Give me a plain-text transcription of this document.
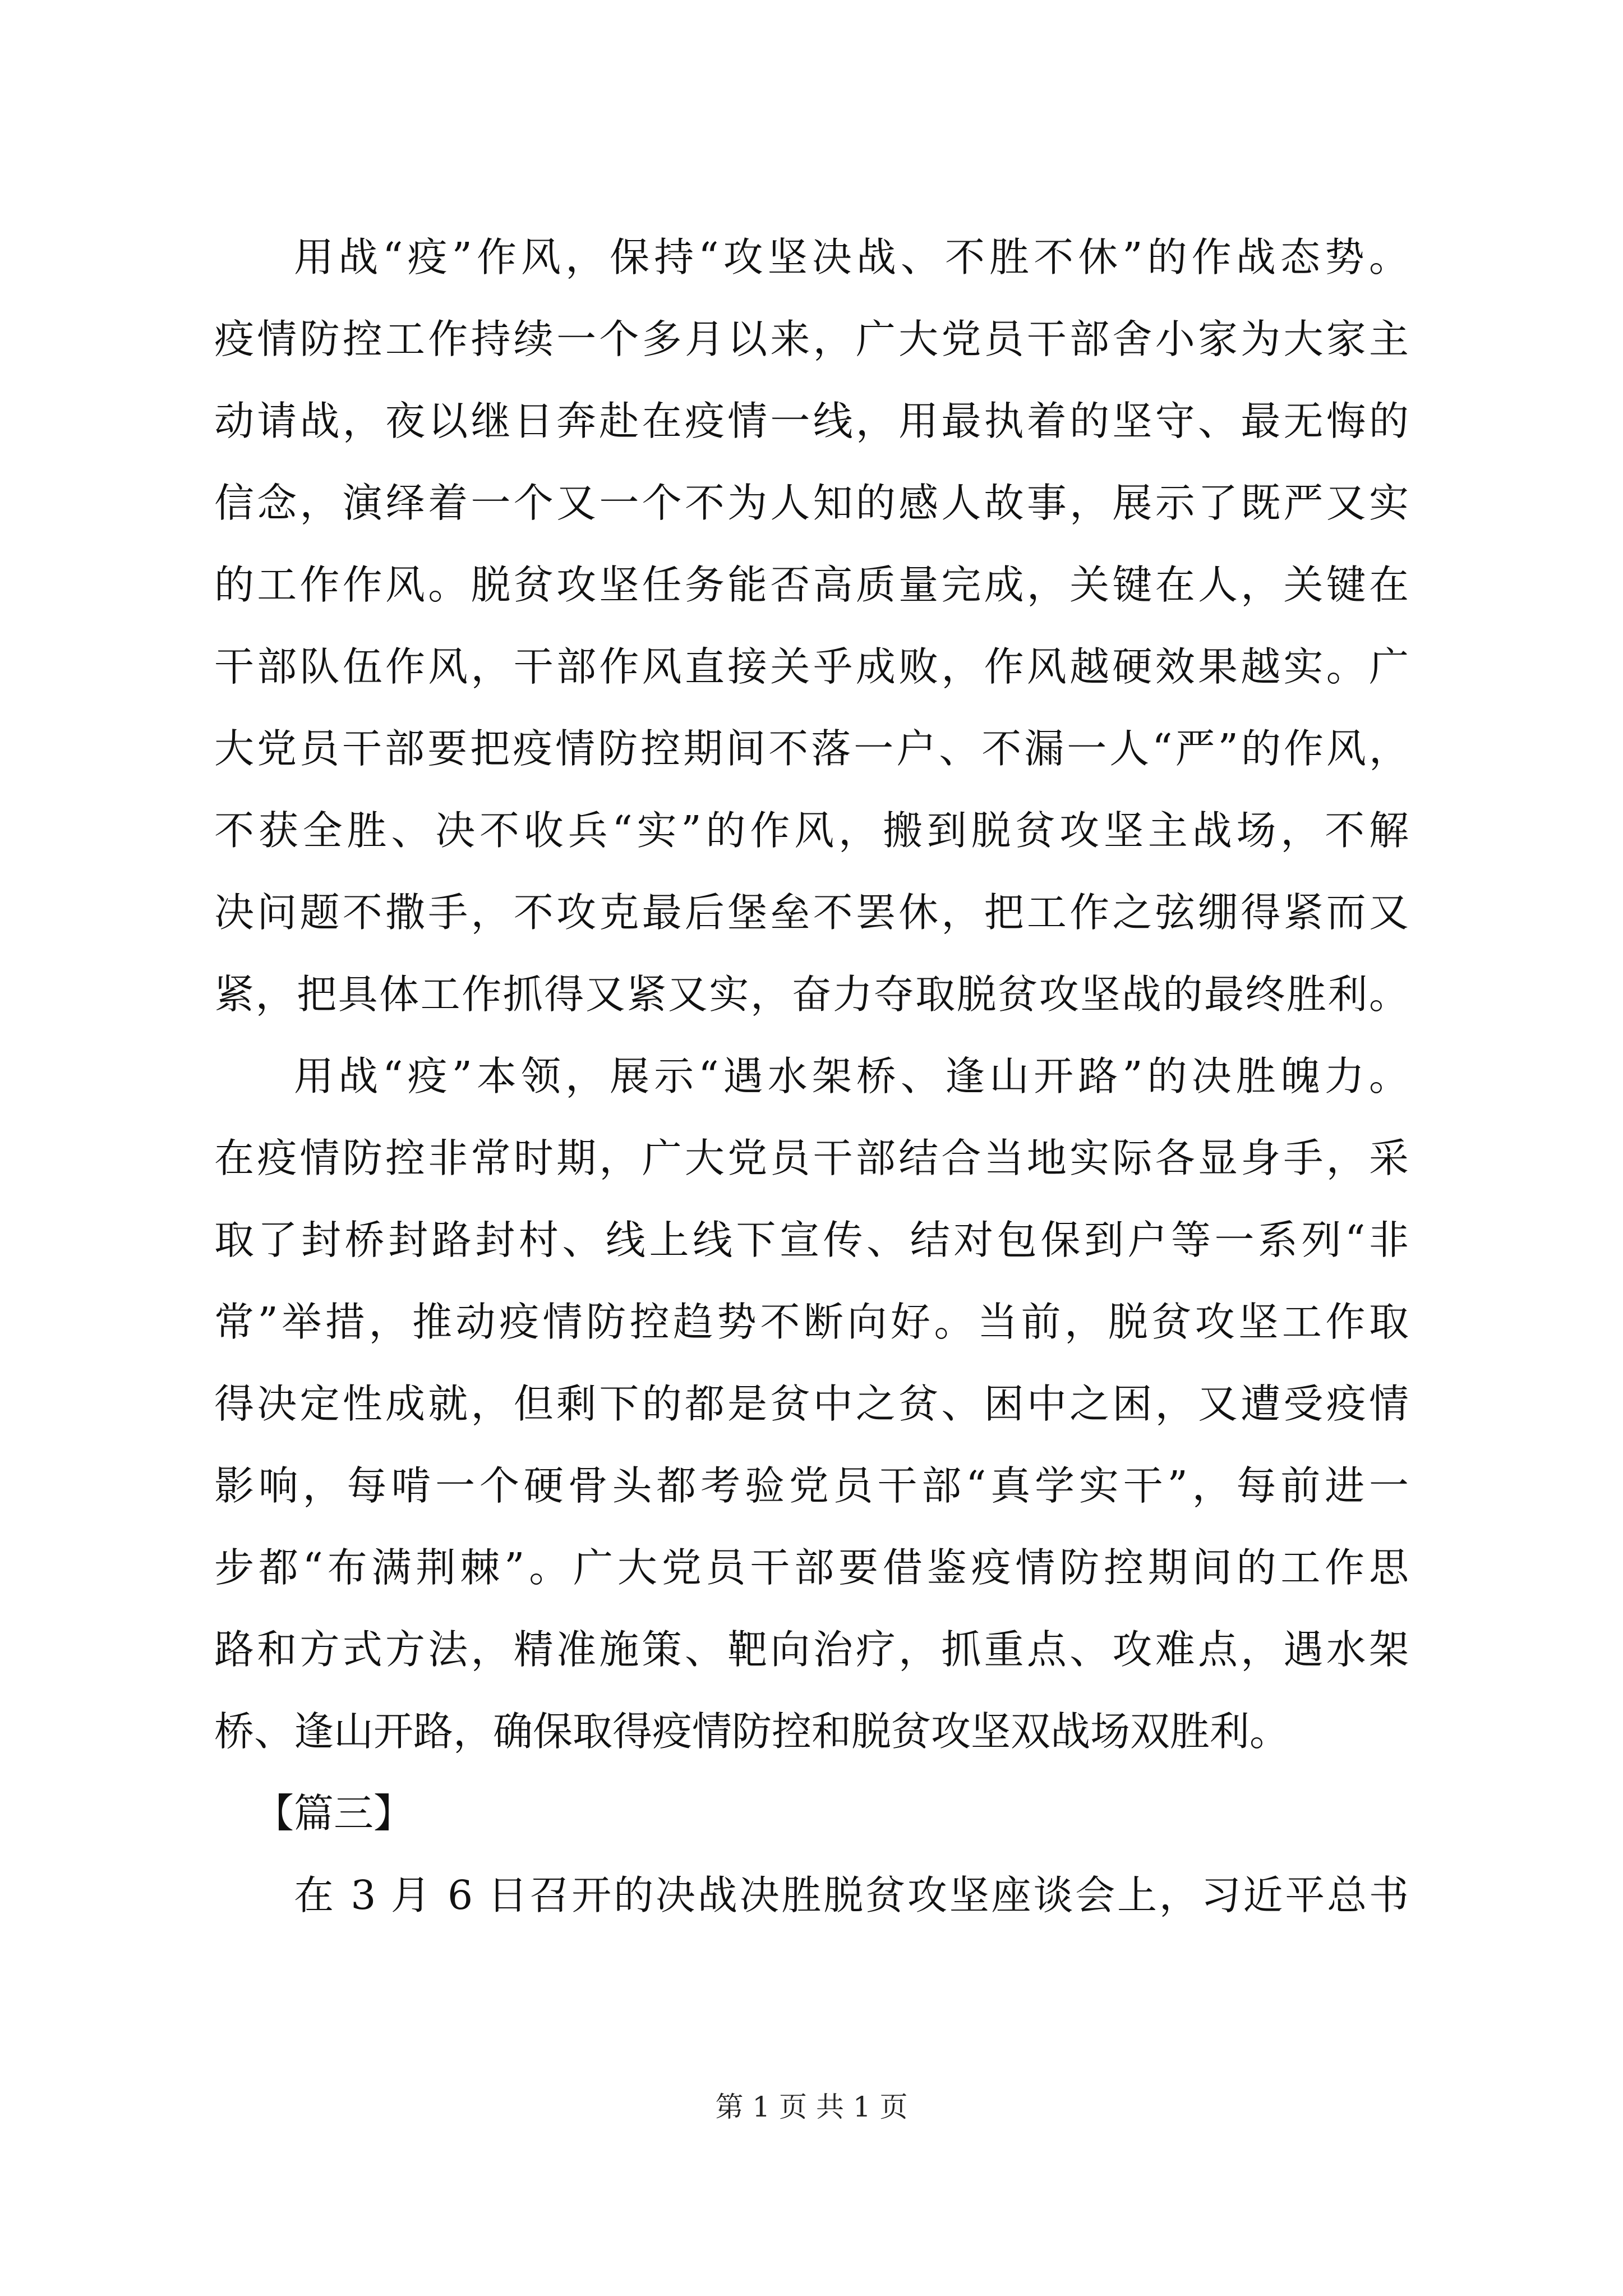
用战“疫”作风，保持“攻坚决战、不胜不休”的作战态势。
疫情防控工作持续一个多月以来，广大党员干部舍小家为大家主
动请战，夜以继日奔赴在疫情一线，用最执着的坚守、最无悔的
信念，演绎着一个又一个不为人知的感人故事，展示了既严又实
的工作作风。脱贫攻坚任务能否高质量完成，关键在人，关键在
干部队伍作风，干部作风直接关乎成败，作风越硬效果越实。广
大党员干部要把疫情防控期间不落一户、不漏一人“严”的作风，
不获全胜、决不收兵“实”的作风，搬到脱贫攻坚主战场，不解
决问题不撒手，不攻克最后堡垒不罢休，把工作之弦绷得紧而又
紧，把具体工作抓得又紧又实，奋力夺取脱贫攻坚战的最终胜利。
用战“疫”本领，展示“遇水架桥、逢山开路”的决胜魄力。
在疫情防控非常时期，广大党员干部结合当地实际各显身手，采
取了封桥封路封村、线上线下宣传、结对包保到户等一系列“非
常”举措，推动疫情防控趋势不断向好。当前，脱贫攻坚工作取
得决定性成就，但剩下的都是贫中之贫、困中之困，又遭受疫情
影响，每啃一个硬骨头都考验党员干部“真学实干”，每前进一
步都“布满荆棘”。广大党员干部要借鉴疫情防控期间的工作思
路和方式方法，精准施策、靶向治疗，抓重点、攻难点，遇水架
桥、逢山开路，确保取得疫情防控和脱贫攻坚双战场双胜利。
【篇三】
在 3 月 6 日召开的决战决胜脱贫攻坚座谈会上，习近平总书
第 1 页 共 1 页
